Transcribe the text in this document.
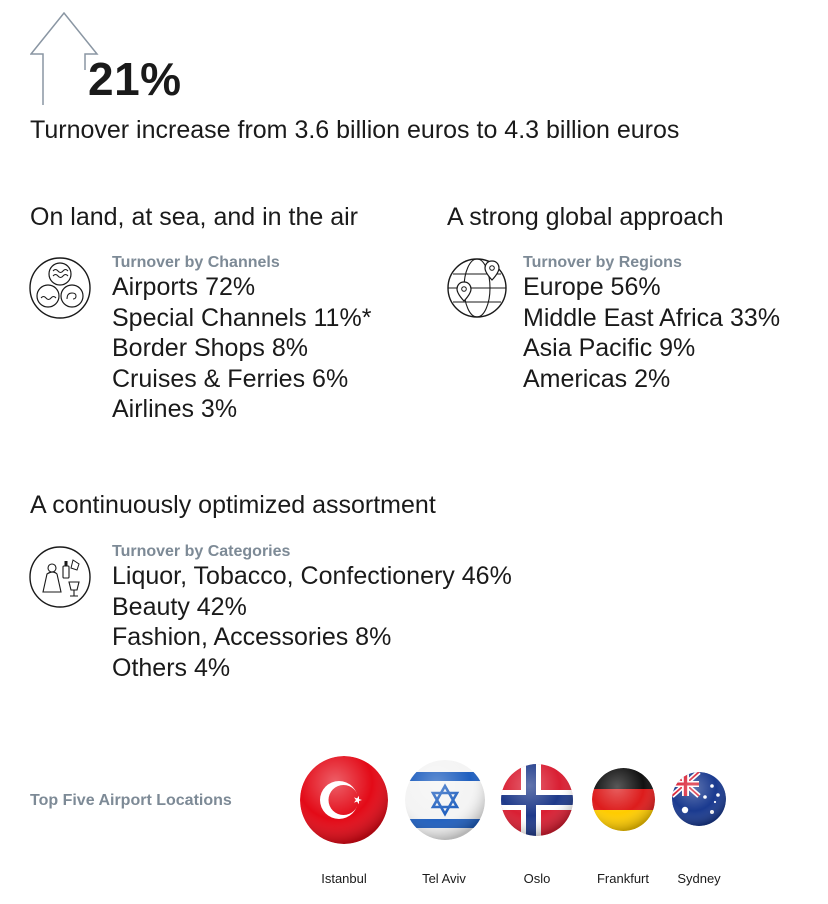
21%
Turnover increase from 3.6 billion euros to 4.3 billion euros
On land, at sea, and in the air
Turnover by Channels
Airports 72%
Special Channels 11%*
Border Shops 8%
Cruises & Ferries 6%
Airlines 3%
A strong global approach
Turnover by Regions
Europe 56%
Middle East Africa 33%
Asia Pacific 9%
Americas 2%
A continuously optimized assortment
Turnover by Categories
Liquor, Tobacco, Confectionery 46%
Beauty 42%
Fashion, Accessories 8%
Others 4%
Top Five Airport Locations
Istanbul	Tel Aviv	Oslo	Frankfurt	Sydney
